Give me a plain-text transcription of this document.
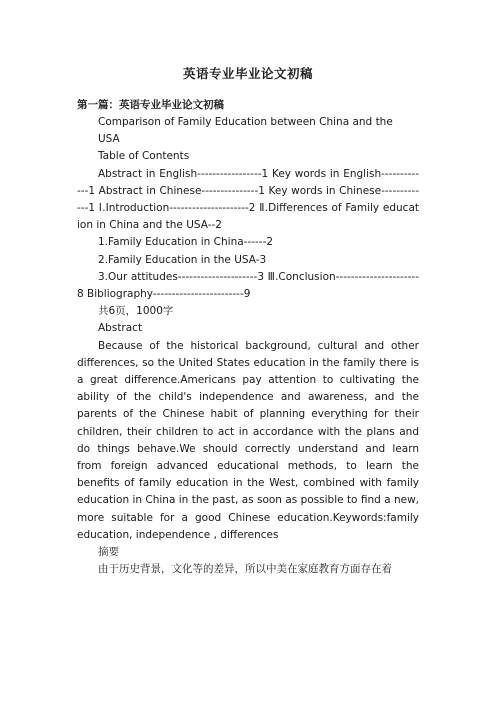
英语专业毕业论文初稿
第一篇：英语专业毕业论文初稿

Comparison of Family Education between China and the

USA

Table of Contents

Abstract in English-----------------1 Key words in English-------------1 Abstract in Chinese---------------1 Key words in Chinese-------------1 Ⅰ.Introduction---------------------2 Ⅱ.Differences of Family education in China and the USA--2

1.Family Education in China------2

2.Family Education in the USA-3

3.Our attitudes---------------------3 Ⅲ.Conclusion----------------------8 Bibliography------------------------9

共6页，1000字

Abstract

Because of the historical background, cultural and other differences, so the United States education in the family there is a great difference.Americans pay attention to cultivating the ability of the child's independence and awareness, and the parents of the Chinese habit of planning everything for their children, their children to act in accordance with the plans and do things behave.We should correctly understand and learn from foreign advanced educational methods, to learn the benefits of family education in the West, combined with family education in China in the past, as soon as possible to find a new, more suitable for a good Chinese education.Keywords:family education, independence , differences

摘要

由于历史背景，文化等的差异，所以中美在家庭教育方面存在着
